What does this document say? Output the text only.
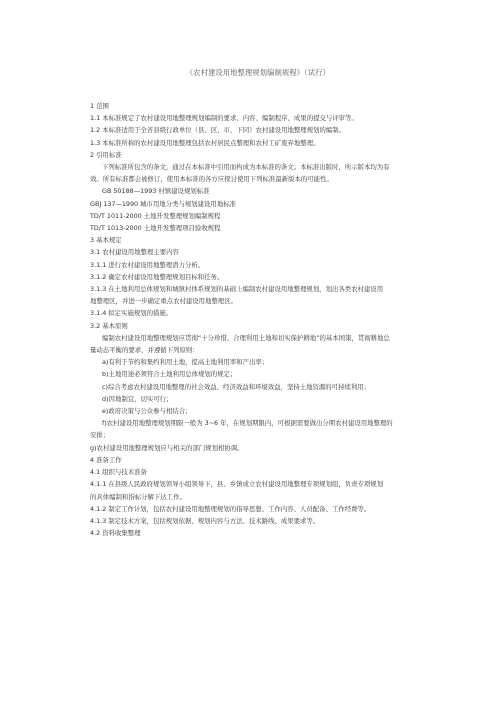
《农村建设用地整理规划编制规程》（试行）
1 范围
1.1 本标准规定了农村建设用地整理规划编制的要求、内容、编制程序、成果的提交与评审等。
1.2 本标准适用于全省县级行政单位（县、区、市，下同）农村建设用地整理规划的编制。
1.3 本标准所称的农村建设用地整理包括农村居民点整理和农村工矿废弃地整理。
2 引用标准
下列标准所包含的条文，通过在本标准中引用而构成为本标准的条文。本标准出版时，所示版本均为有
效。所有标准都会被修订，使用本标准的各方应探讨使用下列标准最新版本的可能性。
GB 50188—1993 村镇建设规划标准
GBJ 137—1990 城市用地分类与规划建设用地标准
TD/T 1011-2000 土地开发整理规划编制规程
TD/T 1013-2000 土地开发整理项目验收规程
3 基本规定
3.1 农村建设用地整理主要内容
3.1.1 进行农村建设用地整理潜力分析。
3.1.2 确定农村建设用地整理规划目标和任务。
3.1.3 在土地利用总体规划和城镇村体系规划的基础上编制农村建设用地整理规划，划出各类农村建设用
地整理区，并进一步确定重点农村建设用地整理区。
3.1.4 拟定实施规划的措施。
3.2 基本原则
编制农村建设用地整理规划应贯彻“十分珍惜、合理利用土地和切实保护耕地”的基本国策，贯彻耕地总
量动态平衡的要求，并遵循下列原则：
a)有利于节约和集约利用土地，提高土地利用率和产出率；
b)土地用途必须符合土地利用总体规划的规定；
c)综合考虑农村建设用地整理的社会效益、经济效益和环境效益，坚持土地资源的可持续利用；
d)因地制宜，切实可行；
e)政府决策与公众参与相结合；
f)农村建设用地整理规划期限一般为 3~6 年，在规划期限内，可根据需要做出分期农村建设用地整理的
安排；
g)农村建设用地整理规划应与相关的部门规划相协调。
4 准备工作
4.1 组织与技术准备
4.1.1 在县级人民政府规划领导小组领导下，县、乡镇成立农村建设用地整理专项规划组，负责专项规划
的具体编制和指标分解下达工作。
4.1.2 制定工作计划，包括农村建设用地整理规划的指导思想、工作内容、人员配备、工作经费等。
4.1.3 制定技术方案，包括规划依据、规划内容与方法、技术路线、成果要求等。
4.2 资料收集整理
